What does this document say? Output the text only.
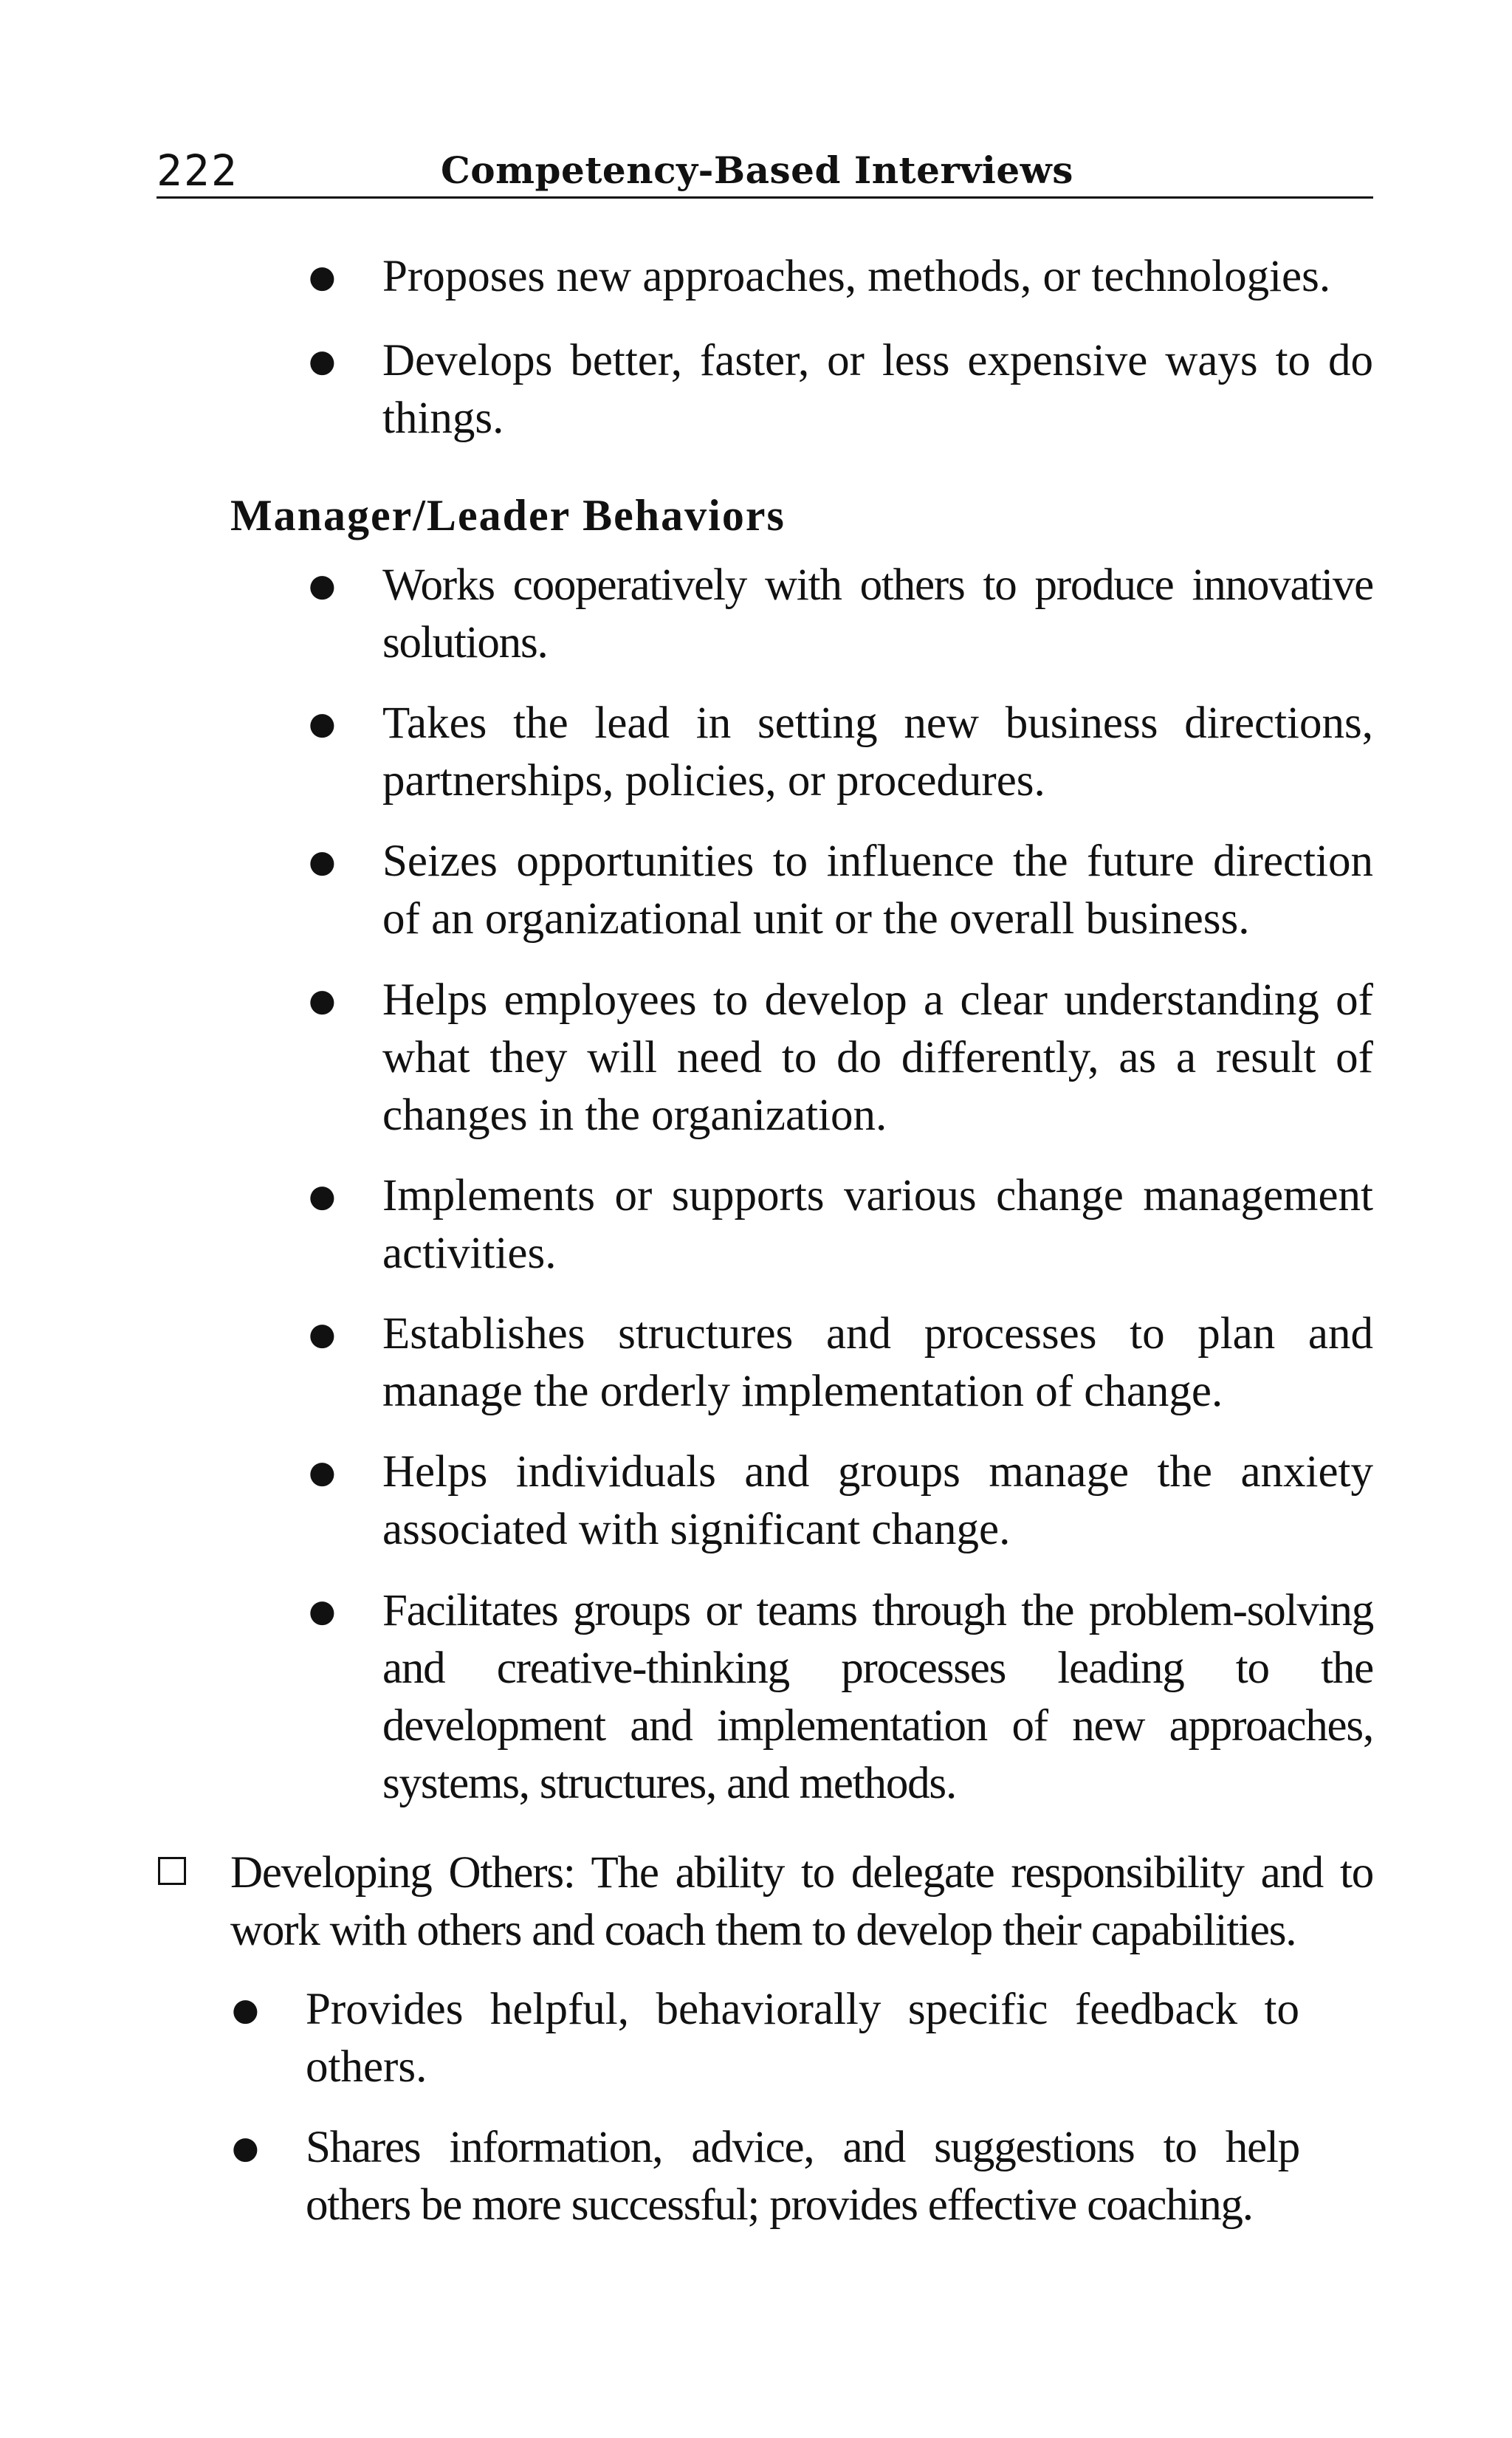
222	Competency-Based Interviews
● Proposes new approaches, methods, or technologies.
● Develops better, faster, or less expensive ways to do things.
Manager/Leader Behaviors
● Works cooperatively with others to produce innovative solutions.
● Takes the lead in setting new business directions, partnerships, policies, or procedures.
● Seizes opportunities to influence the future direction of an organizational unit or the overall business.
● Helps employees to develop a clear understanding of what they will need to do differently, as a result of changes in the organization.
● Implements or supports various change management activities.
● Establishes structures and processes to plan and manage the orderly implementation of change.
● Helps individuals and groups manage the anxiety associated with significant change.
● Facilitates groups or teams through the problem-solving and creative-thinking processes leading to the development and implementation of new approaches, systems, structures, and methods.
Developing Others: The ability to delegate responsibility and to work with others and coach them to develop their capabilities.
● Provides helpful, behaviorally specific feedback to others.
● Shares information, advice, and suggestions to help others be more successful; provides effective coaching.
